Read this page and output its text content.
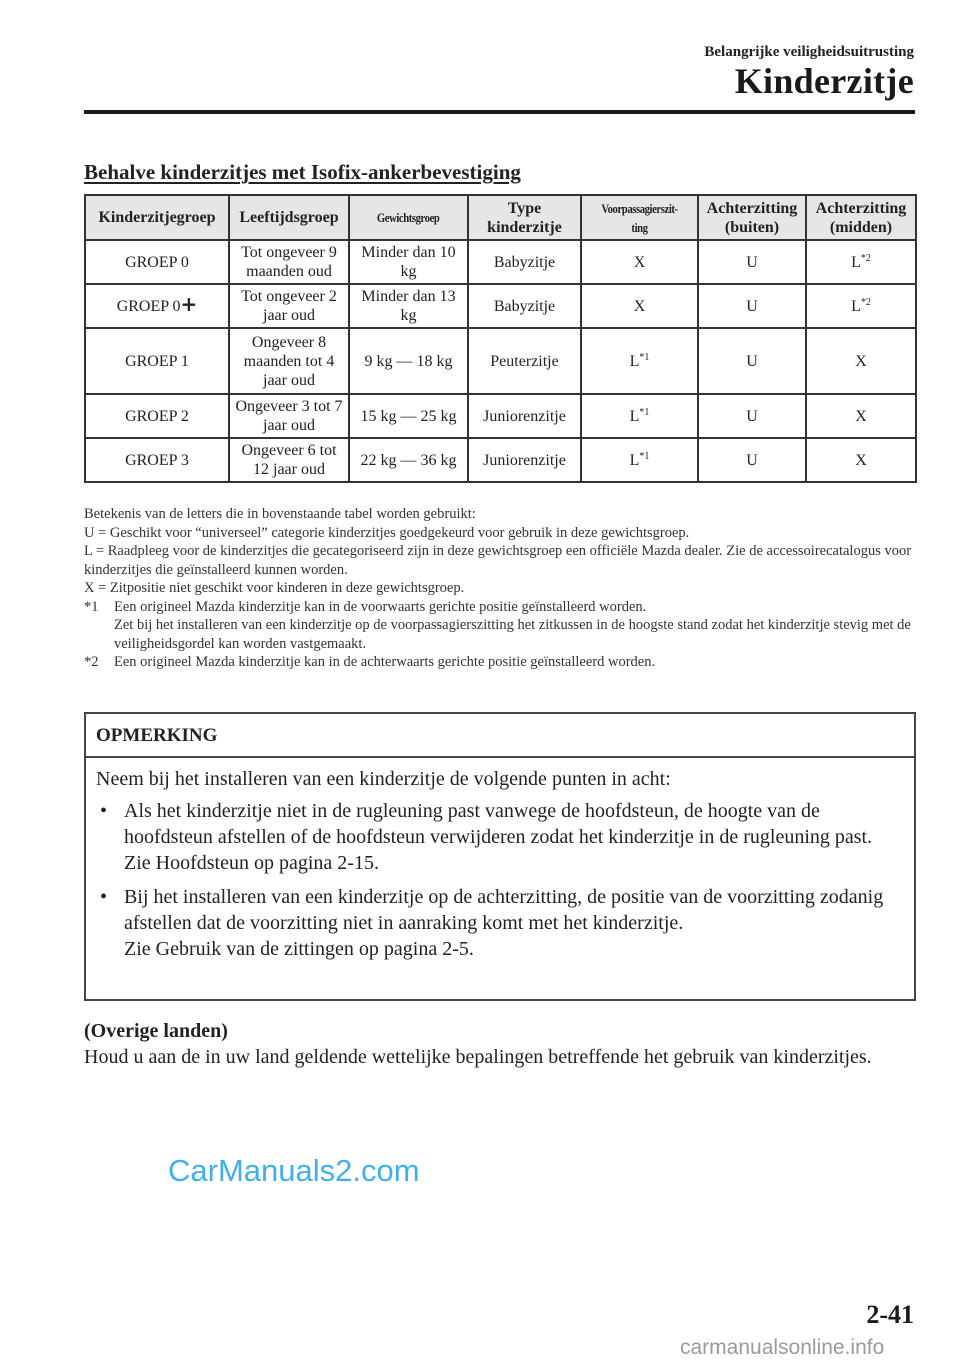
Belangrijke veiligheidsuitrusting
Kinderzitje
Behalve kinderzitjes met Isofix-ankerbevestiging
Kinderzitjegroep	Leeftijdsgroep	Gewichtsgroep	Type kinderzitje	Voorpassagierszit-ting	Achterzitting (buiten)	Achterzitting (midden)
GROEP 0	Tot ongeveer 9 maanden oud	Minder dan 10 kg	Babyzitje	X	U	$L^{*2}$
GROEP 0+	Tot ongeveer 2 jaar oud	Minder dan 13 kg	Babyzitje	X	U	$L^{*2}$
GROEP 1	Ongeveer 8 maanden tot 4 jaar oud	9 kg — 18 kg	Peuterzitje	$L^{*1}$	U	X
GROEP 2	Ongeveer 3 tot 7 jaar oud	15 kg — 25 kg	Juniorenzitje	$L^{*1}$	U	X
GROEP 3	Ongeveer 6 tot 12 jaar oud	22 kg — 36 kg	Juniorenzitje	$L^{*1}$	U	X
Betekenis van de letters die in bovenstaande tabel worden gebruikt:
U = Geschikt voor “universeel” categorie kinderzitjes goedgekeurd voor gebruik in deze gewichtsgroep.
L = Raadpleeg voor de kinderzitjes die gecategoriseerd zijn in deze gewichtsgroep een officiële Mazda dealer. Zie de accessoirecatalogus voor kinderzitjes die geïnstalleerd kunnen worden.
X = Zitpositie niet geschikt voor kinderen in deze gewichtsgroep.
*1	Een origineel Mazda kinderzitje kan in de voorwaarts gerichte positie geïnstalleerd worden.
Zet bij het installeren van een kinderzitje op de voorpassagierszitting het zitkussen in de hoogste stand zodat het kinderzitje stevig met de veiligheidsgordel kan worden vastgemaakt.
*2	Een origineel Mazda kinderzitje kan in de achterwaarts gerichte positie geïnstalleerd worden.
OPMERKING
Neem bij het installeren van een kinderzitje de volgende punten in acht:
• Als het kinderzitje niet in de rugleuning past vanwege de hoofdsteun, de hoogte van de hoofdsteun afstellen of de hoofdsteun verwijderen zodat het kinderzitje in de rugleuning past.
Zie Hoofdsteun op pagina 2-15.
• Bij het installeren van een kinderzitje op de achterzitting, de positie van de voorzitting zodanig afstellen dat de voorzitting niet in aanraking komt met het kinderzitje.
Zie Gebruik van de zittingen op pagina 2-5.
(Overige landen)
Houd u aan de in uw land geldende wettelijke bepalingen betreffende het gebruik van kinderzitjes.
CarManuals2.com
2-41
carmanualsonline.info
